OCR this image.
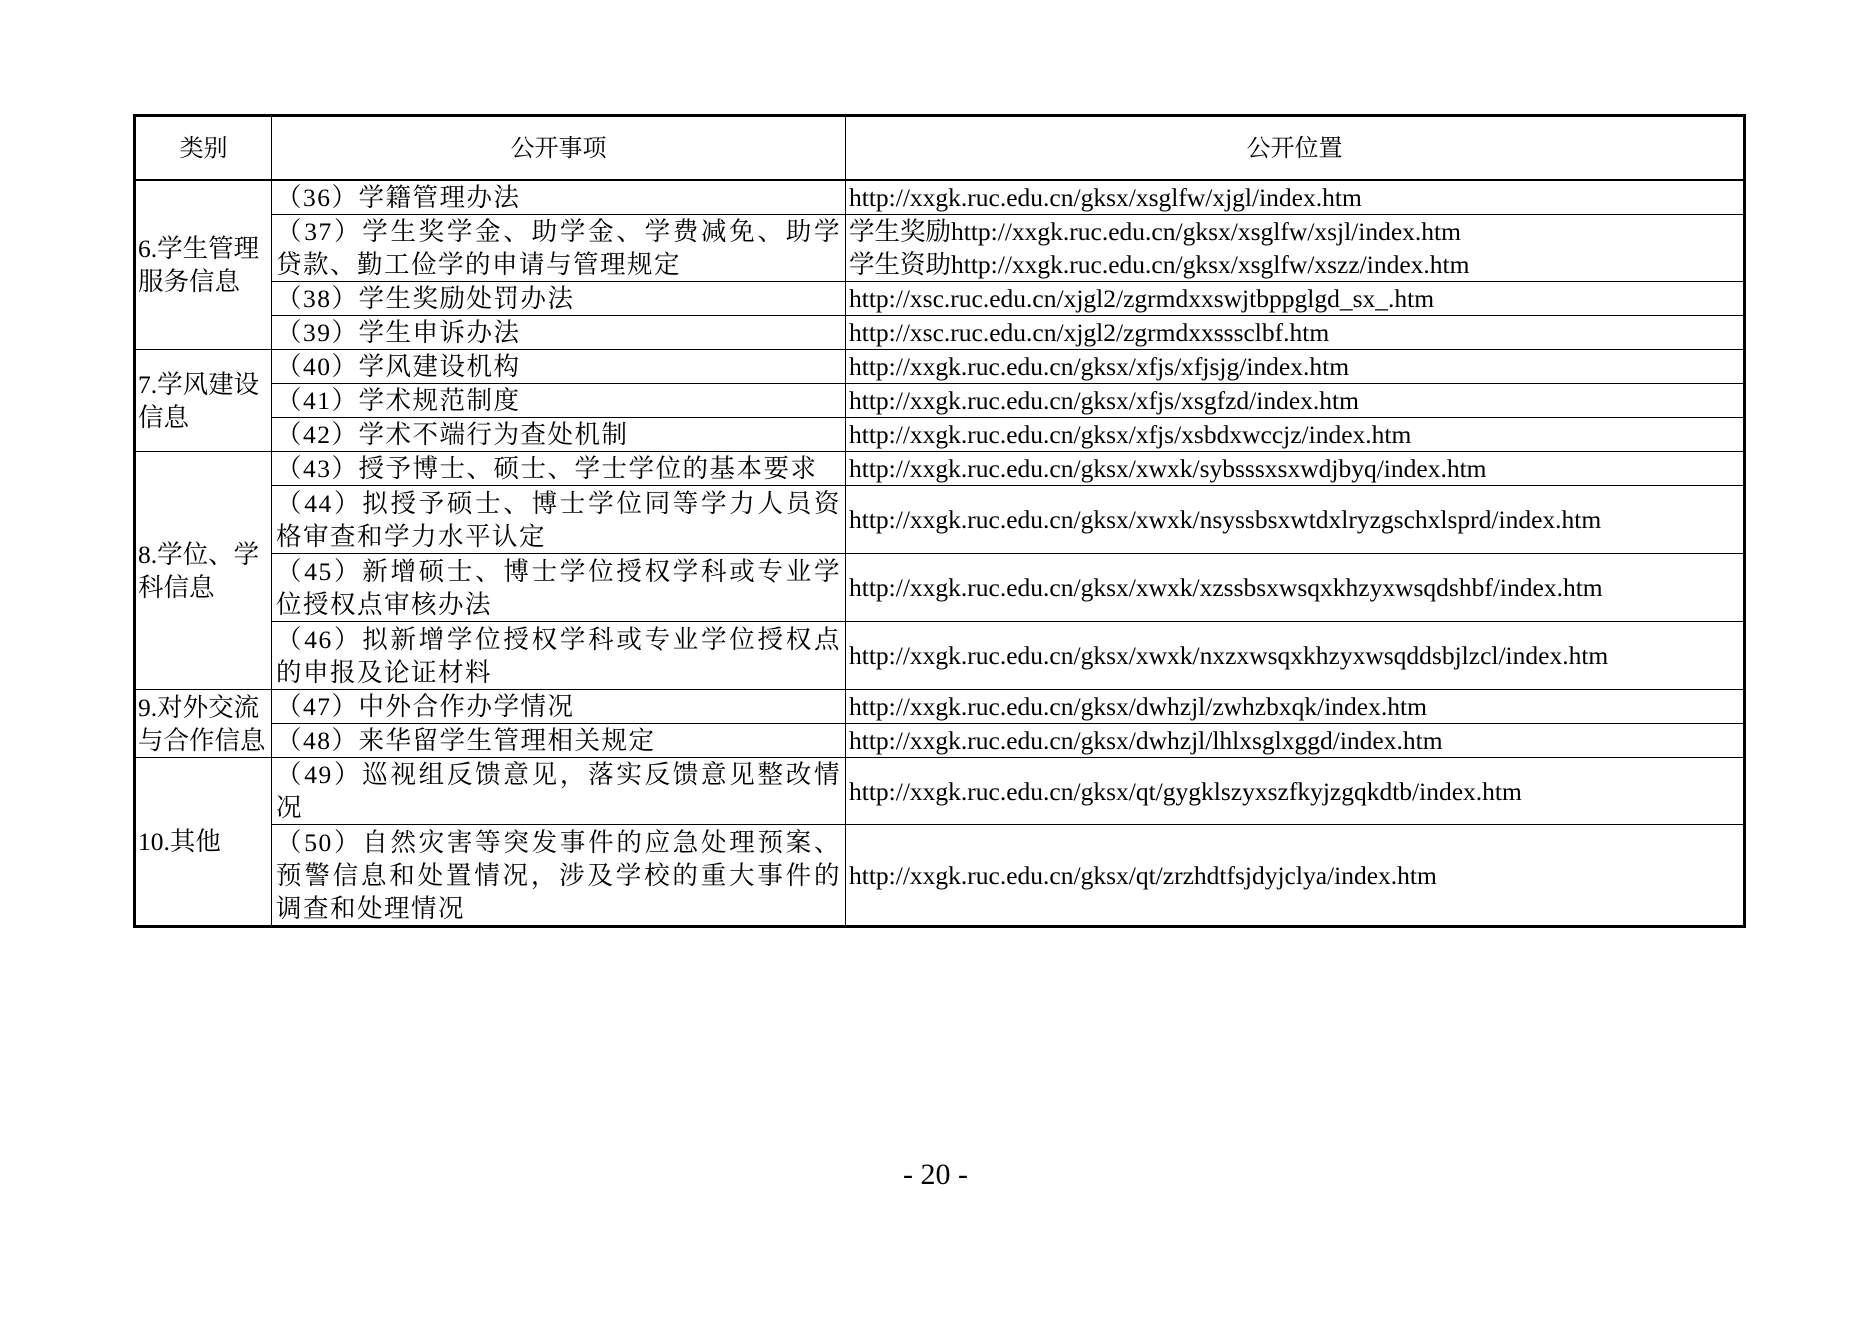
类别	公开事项	公开位置
6.学生管理服务信息	（36）学籍管理办法	http://xxgk.ruc.edu.cn/gksx/xsglfw/xjgl/index.htm

	（37）学生奖学金、助学金、学费减免、助学贷款、勤工俭学的申请与管理规定	学生奖励http://xxgk.ruc.edu.cn/gksx/xsglfw/xsjl/index.htm
学生资助http://xxgk.ruc.edu.cn/gksx/xsglfw/xszz/index.htm

	（38）学生奖励处罚办法	http://xsc.ruc.edu.cn/xjgl2/zgrmdxxswjtbppglgd_sx_.htm

	（39）学生申诉办法	http://xsc.ruc.edu.cn/xjgl2/zgrmdxxsssclbf.htm

7.学风建设信息	（40）学风建设机构	http://xxgk.ruc.edu.cn/gksx/xfjs/xfjsjg/index.htm

	（41）学术规范制度	http://xxgk.ruc.edu.cn/gksx/xfjs/xsgfzd/index.htm

	（42）学术不端行为查处机制	http://xxgk.ruc.edu.cn/gksx/xfjs/xsbdxwccjz/index.htm

8.学位、学科信息	（43）授予博士、硕士、学士学位的基本要求	http://xxgk.ruc.edu.cn/gksx/xwxk/sybsssxsxwdjbyq/index.htm

	（44）拟授予硕士、博士学位同等学力人员资格审查和学力水平认定	http://xxgk.ruc.edu.cn/gksx/xwxk/nsyssbsxwtdxlryzgschxlsprd/index.htm

	（45）新增硕士、博士学位授权学科或专业学位授权点审核办法	http://xxgk.ruc.edu.cn/gksx/xwxk/xzssbsxwsqxkhzyxwsqdshbf/index.htm

	（46）拟新增学位授权学科或专业学位授权点的申报及论证材料	http://xxgk.ruc.edu.cn/gksx/xwxk/nxzxwsqxkhzyxwsqddsbjlzcl/index.htm

9.对外交流与合作信息	（47）中外合作办学情况	http://xxgk.ruc.edu.cn/gksx/dwhzjl/zwhzbxqk/index.htm

	（48）来华留学生管理相关规定	http://xxgk.ruc.edu.cn/gksx/dwhzjl/lhlxsglxggd/index.htm

10.其他	（49）巡视组反馈意见，落实反馈意见整改情况	http://xxgk.ruc.edu.cn/gksx/qt/gygklszyxszfkyjzgqkdtb/index.htm

	（50）自然灾害等突发事件的应急处理预案、预警信息和处置情况，涉及学校的重大事件的调查和处理情况	http://xxgk.ruc.edu.cn/gksx/qt/zrzhdtfsjdyjclya/index.htm
- 20 -
